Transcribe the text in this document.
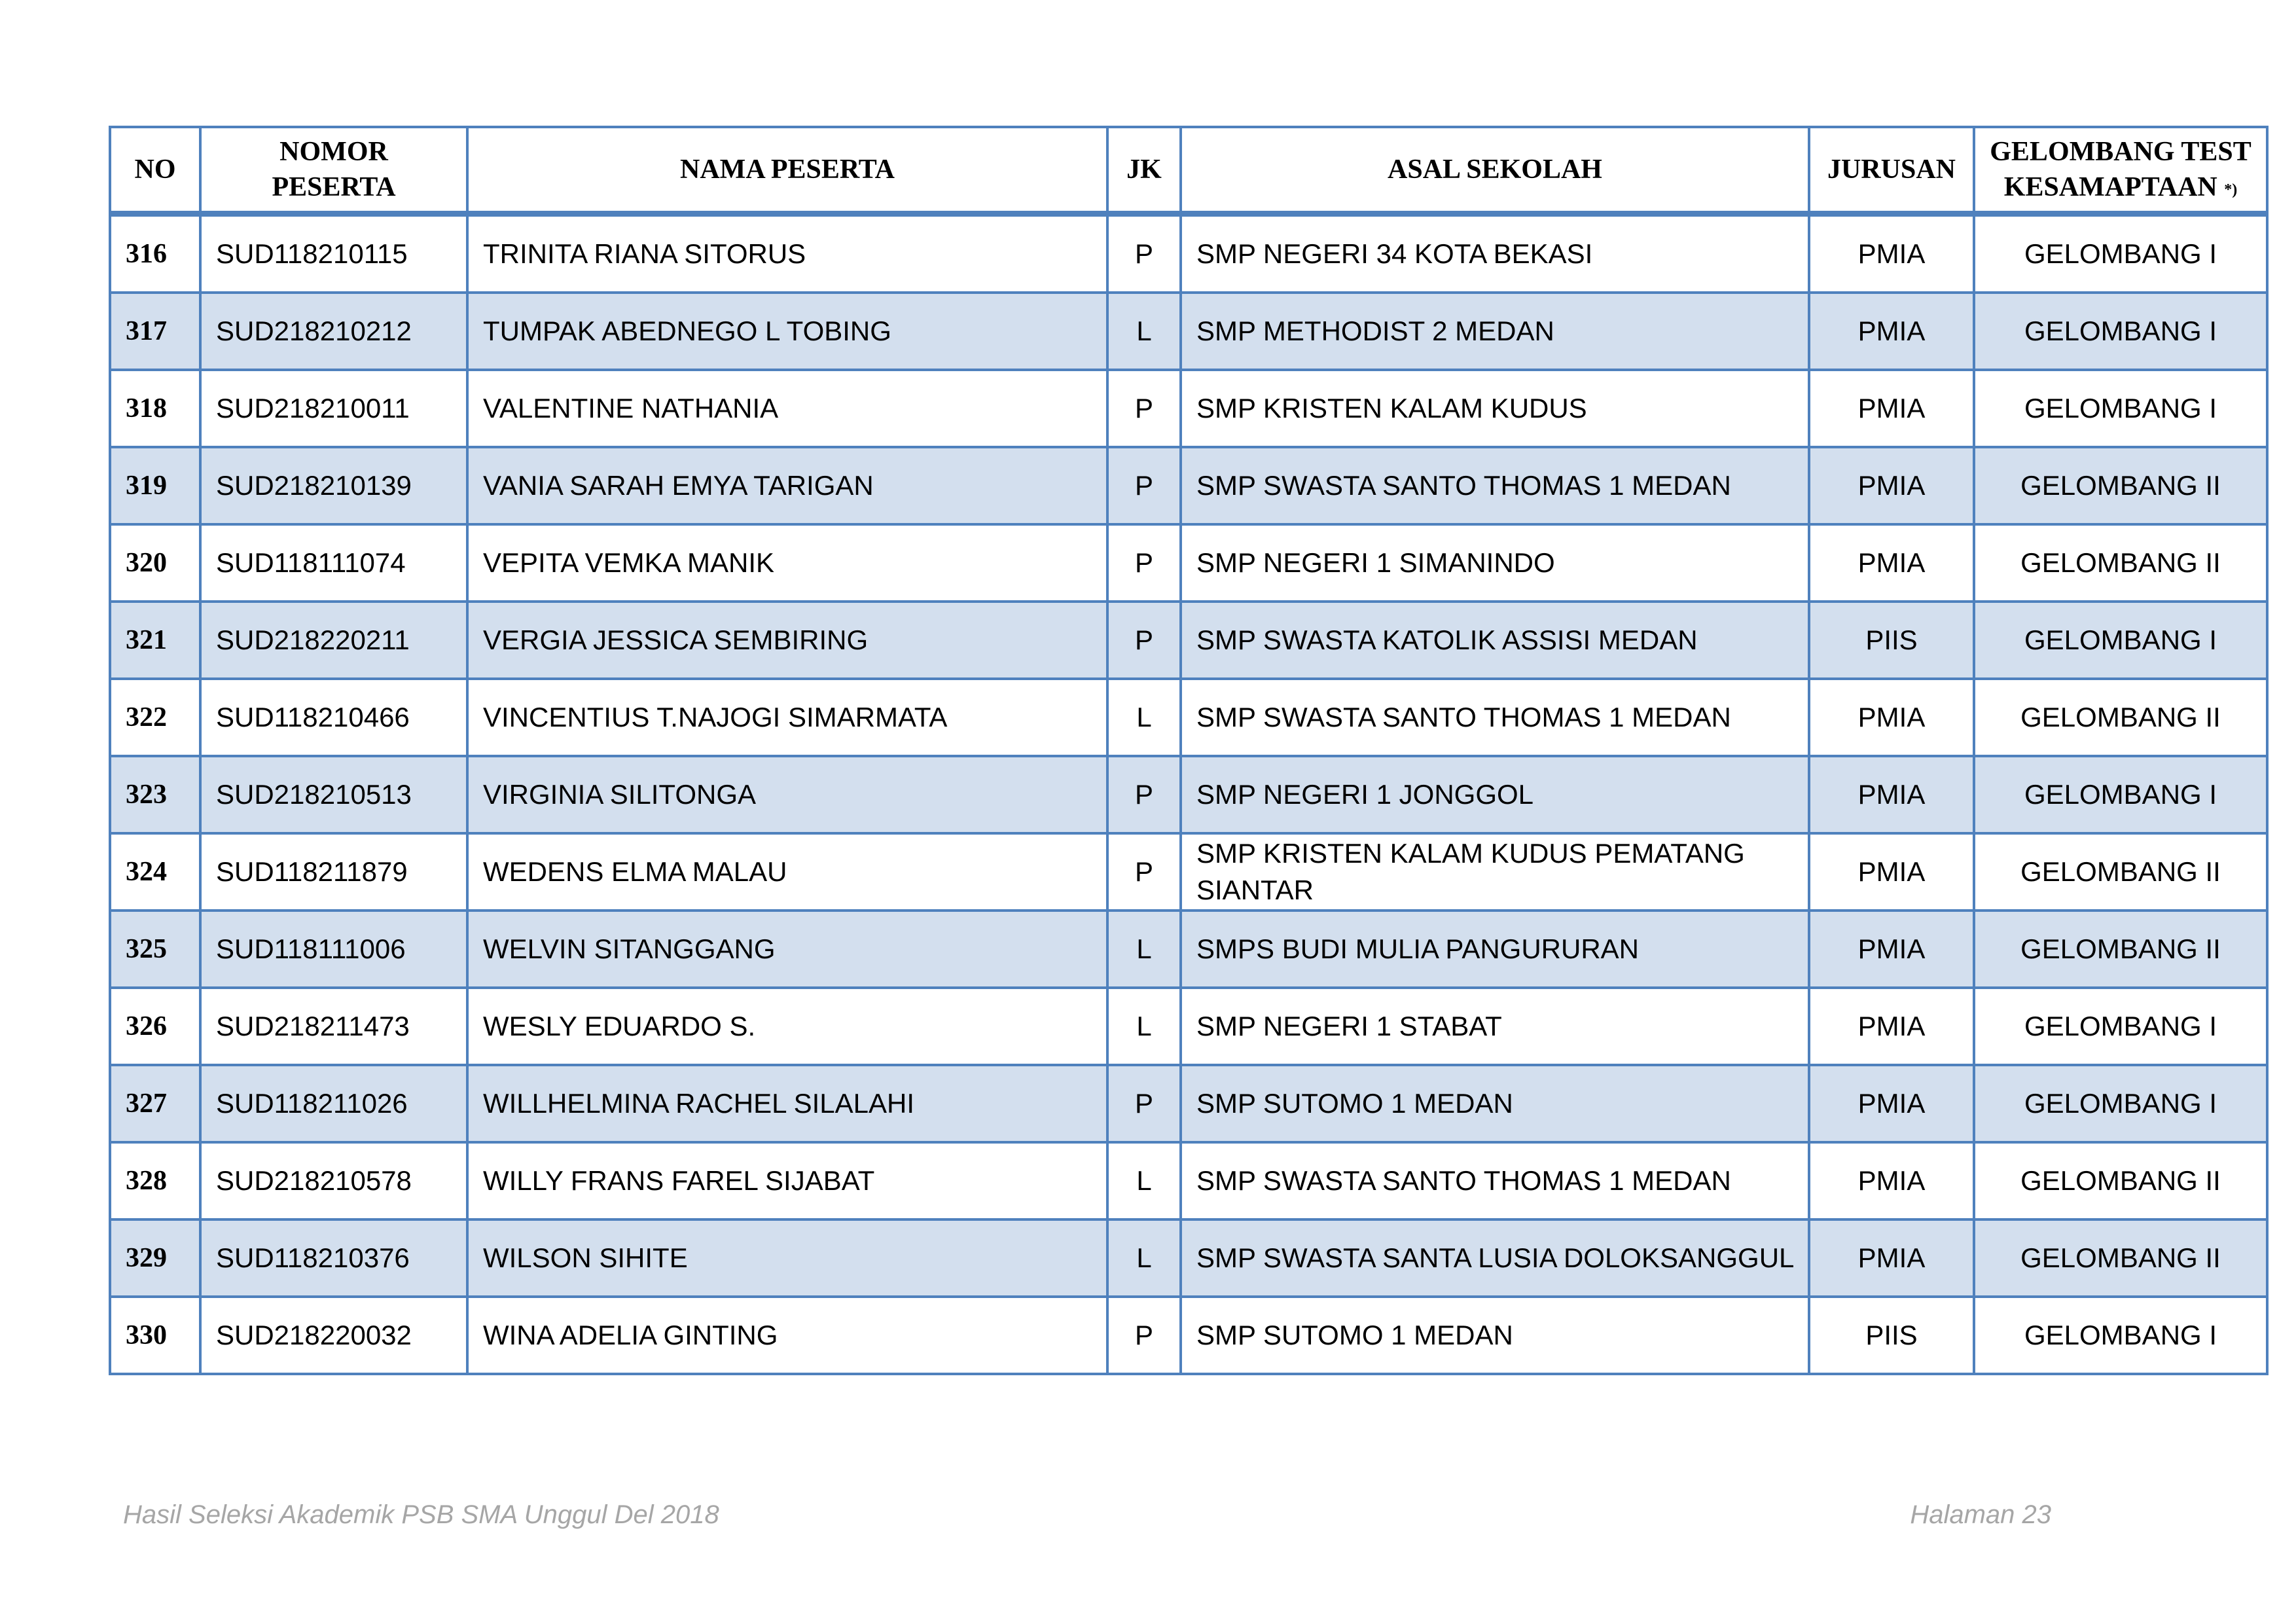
NO	NOMOR PESERTA	NAMA PESERTA	JK	ASAL SEKOLAH	JURUSAN	GELOMBANG TEST KESAMAPTAAN *)
316	SUD118210115	TRINITA RIANA SITORUS	P	SMP NEGERI 34 KOTA BEKASI	PMIA	GELOMBANG I
317	SUD218210212	TUMPAK ABEDNEGO L TOBING	L	SMP METHODIST 2 MEDAN	PMIA	GELOMBANG I
318	SUD218210011	VALENTINE NATHANIA	P	SMP KRISTEN KALAM KUDUS	PMIA	GELOMBANG I
319	SUD218210139	VANIA SARAH EMYA TARIGAN	P	SMP SWASTA SANTO THOMAS 1 MEDAN	PMIA	GELOMBANG II
320	SUD118111074	VEPITA VEMKA MANIK	P	SMP NEGERI 1 SIMANINDO	PMIA	GELOMBANG II
321	SUD218220211	VERGIA JESSICA SEMBIRING	P	SMP SWASTA KATOLIK ASSISI MEDAN	PIIS	GELOMBANG I
322	SUD118210466	VINCENTIUS T.NAJOGI SIMARMATA	L	SMP SWASTA SANTO THOMAS 1 MEDAN	PMIA	GELOMBANG II
323	SUD218210513	VIRGINIA SILITONGA	P	SMP NEGERI 1 JONGGOL	PMIA	GELOMBANG I
324	SUD118211879	WEDENS ELMA MALAU	P	SMP KRISTEN KALAM KUDUS PEMATANG SIANTAR	PMIA	GELOMBANG II
325	SUD118111006	WELVIN SITANGGANG	L	SMPS BUDI MULIA PANGURURAN	PMIA	GELOMBANG II
326	SUD218211473	WESLY EDUARDO S.	L	SMP NEGERI 1 STABAT	PMIA	GELOMBANG I
327	SUD118211026	WILLHELMINA RACHEL SILALAHI	P	SMP SUTOMO 1 MEDAN	PMIA	GELOMBANG I
328	SUD218210578	WILLY FRANS FAREL SIJABAT	L	SMP SWASTA SANTO THOMAS 1 MEDAN	PMIA	GELOMBANG II
329	SUD118210376	WILSON SIHITE	L	SMP SWASTA SANTA LUSIA DOLOKSANGGUL	PMIA	GELOMBANG II
330	SUD218220032	WINA ADELIA GINTING	P	SMP SUTOMO 1 MEDAN	PIIS	GELOMBANG I
Hasil Seleksi Akademik PSB SMA Unggul Del 2018	Halaman 23
